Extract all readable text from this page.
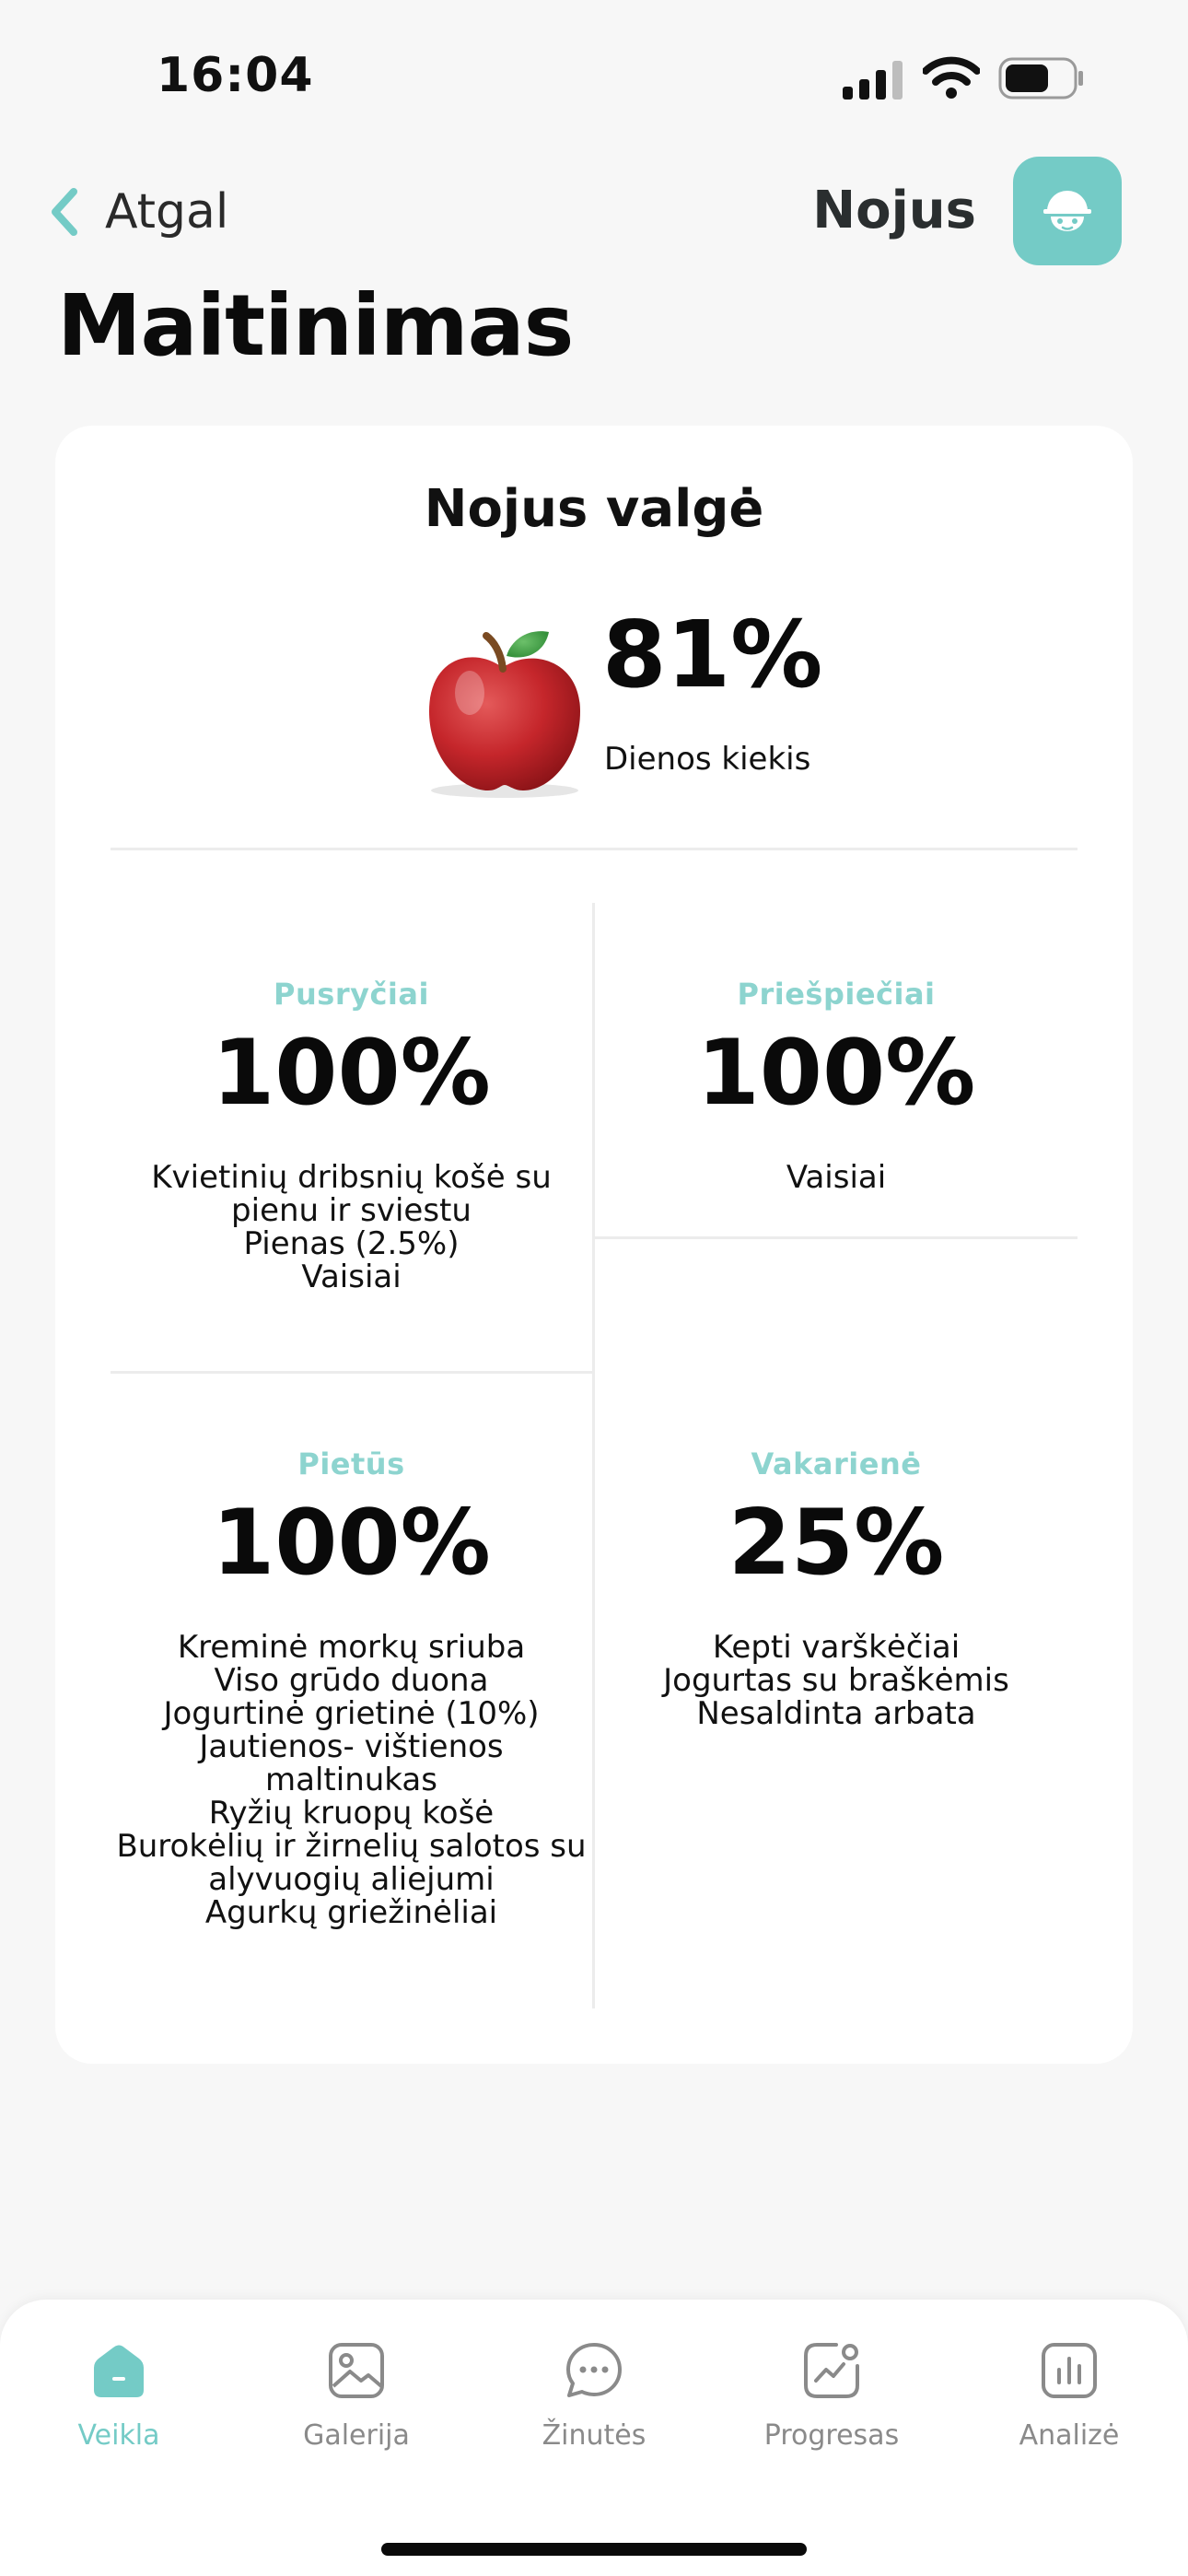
16:04
Atgal	Nojus
Maitinimas
Nojus valgė
81%
Dienos kiekis
Pusryčiai
100%
Kvietinių dribsnių košė su
pienu ir sviestu
Pienas (2.5%)
Vaisiai
Priešpiečiai
100%
Vaisiai
Pietūs
100%
Kreminė morkų sriuba
Viso grūdo duona
Jogurtinė grietinė (10%)
Jautienos- vištienos
maltinukas
Ryžių kruopų košė
Burokėlių ir žirnelių salotos su
alyvuogių aliejumi
Agurkų griežinėliai
Vakarienė
25%
Kepti varškėčiai
Jogurtas su braškėmis
Nesaldinta arbata
Veikla	Galerija	Žinutės	Progresas	Analizė
